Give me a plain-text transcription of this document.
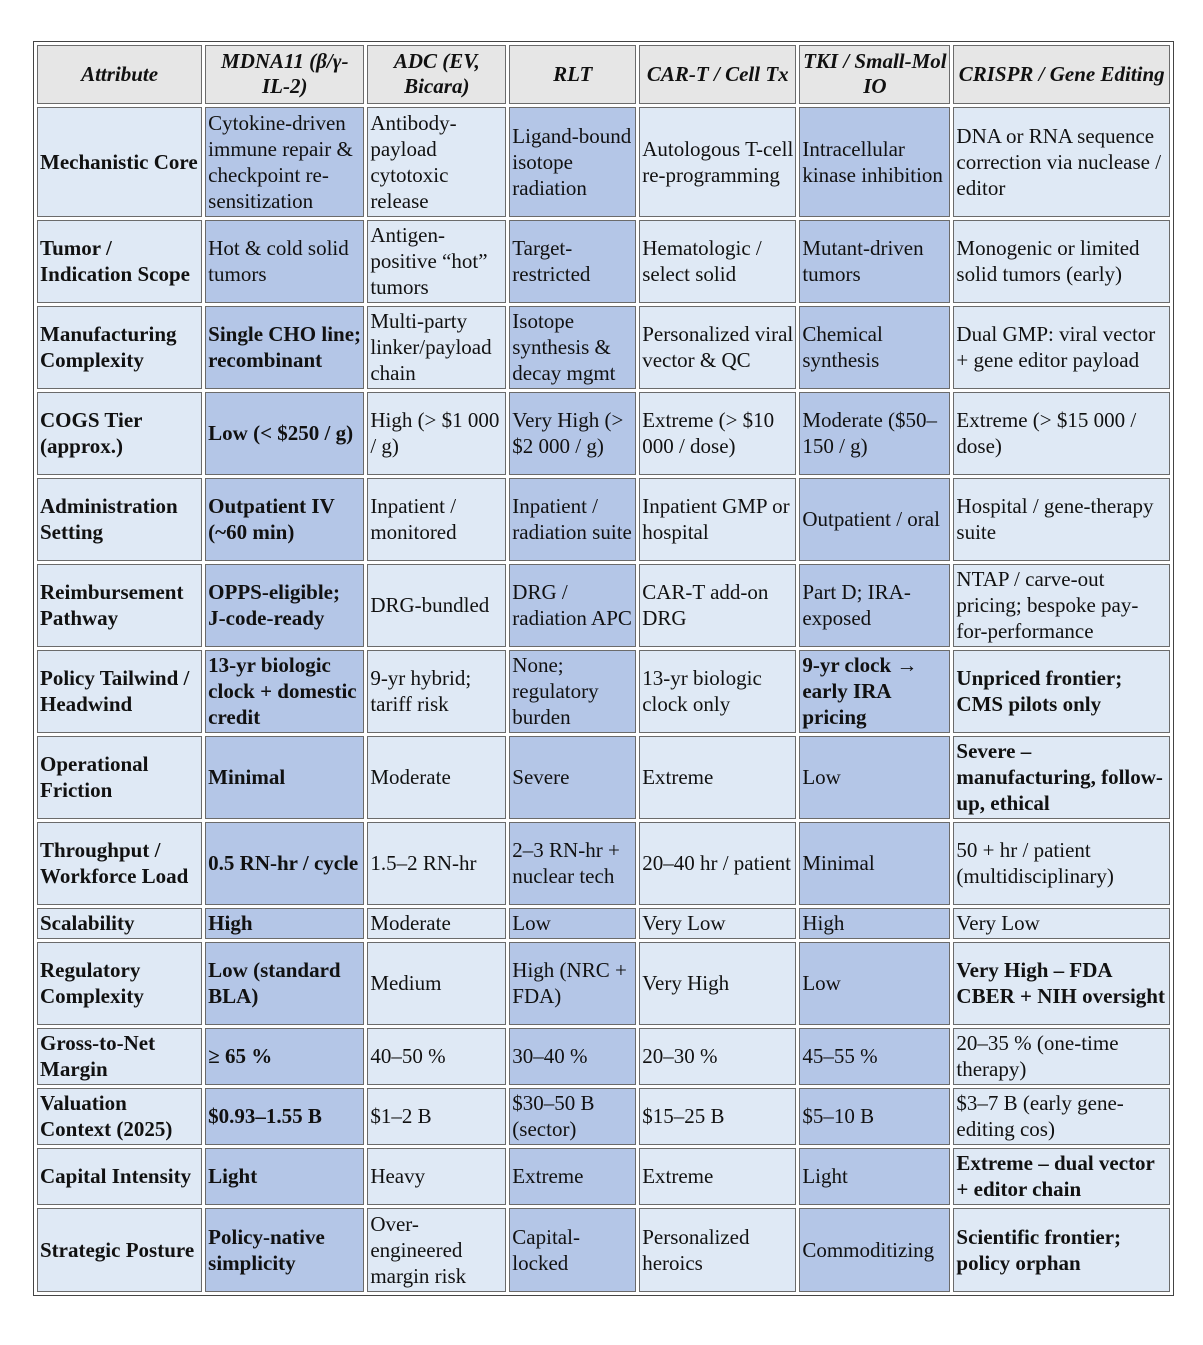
Attribute	MDNA11 (β/γ-IL-2)	ADC (EV, Bicara)	RLT	CAR-T / Cell Tx	TKI / Small-Mol IO	CRISPR / Gene Editing
Mechanistic Core	Cytokine-driven immune repair & checkpoint re-sensitization	Antibody-payload cytotoxic release	Ligand-bound isotope radiation	Autologous T-cell re-programming	Intracellular kinase inhibition	DNA or RNA sequence correction via nuclease / editor
Tumor / Indication Scope	Hot & cold solid tumors	Antigen-positive “hot” tumors	Target-restricted	Hematologic / select solid	Mutant-driven tumors	Monogenic or limited solid tumors (early)
Manufacturing Complexity	Single CHO line; recombinant	Multi-party linker/payload chain	Isotope synthesis & decay mgmt	Personalized viral vector & QC	Chemical synthesis	Dual GMP: viral vector + gene editor payload
COGS Tier (approx.)	Low (< $250 / g)	High (> $1 000 / g)	Very High (> $2 000 / g)	Extreme (> $10 000 / dose)	Moderate ($50–150 / g)	Extreme (> $15 000 / dose)
Administration Setting	Outpatient IV (~60 min)	Inpatient / monitored	Inpatient / radiation suite	Inpatient GMP or hospital	Outpatient / oral	Hospital / gene-therapy suite
Reimbursement Pathway	OPPS-eligible; J-code-ready	DRG-bundled	DRG / radiation APC	CAR-T add-on DRG	Part D; IRA-exposed	NTAP / carve-out pricing; bespoke pay-for-performance
Policy Tailwind / Headwind	13-yr biologic clock + domestic credit	9-yr hybrid; tariff risk	None; regulatory burden	13-yr biologic clock only	9-yr clock → early IRA pricing	Unpriced frontier; CMS pilots only
Operational Friction	Minimal	Moderate	Severe	Extreme	Low	Severe – manufacturing, follow-up, ethical
Throughput / Workforce Load	0.5 RN-hr / cycle	1.5–2 RN-hr	2–3 RN-hr + nuclear tech	20–40 hr / patient	Minimal	50 + hr / patient (multidisciplinary)
Scalability	High	Moderate	Low	Very Low	High	Very Low
Regulatory Complexity	Low (standard BLA)	Medium	High (NRC + FDA)	Very High	Low	Very High – FDA CBER + NIH oversight
Gross-to-Net Margin	≥ 65 %	40–50 %	30–40 %	20–30 %	45–55 %	20–35 % (one-time therapy)
Valuation Context (2025)	$0.93–1.55 B	$1–2 B	$30–50 B (sector)	$15–25 B	$5–10 B	$3–7 B (early gene-editing cos)
Capital Intensity	Light	Heavy	Extreme	Extreme	Light	Extreme – dual vector + editor chain
Strategic Posture	Policy-native simplicity	Over-engineered margin risk	Capital-locked	Personalized heroics	Commoditizing	Scientific frontier; policy orphan
